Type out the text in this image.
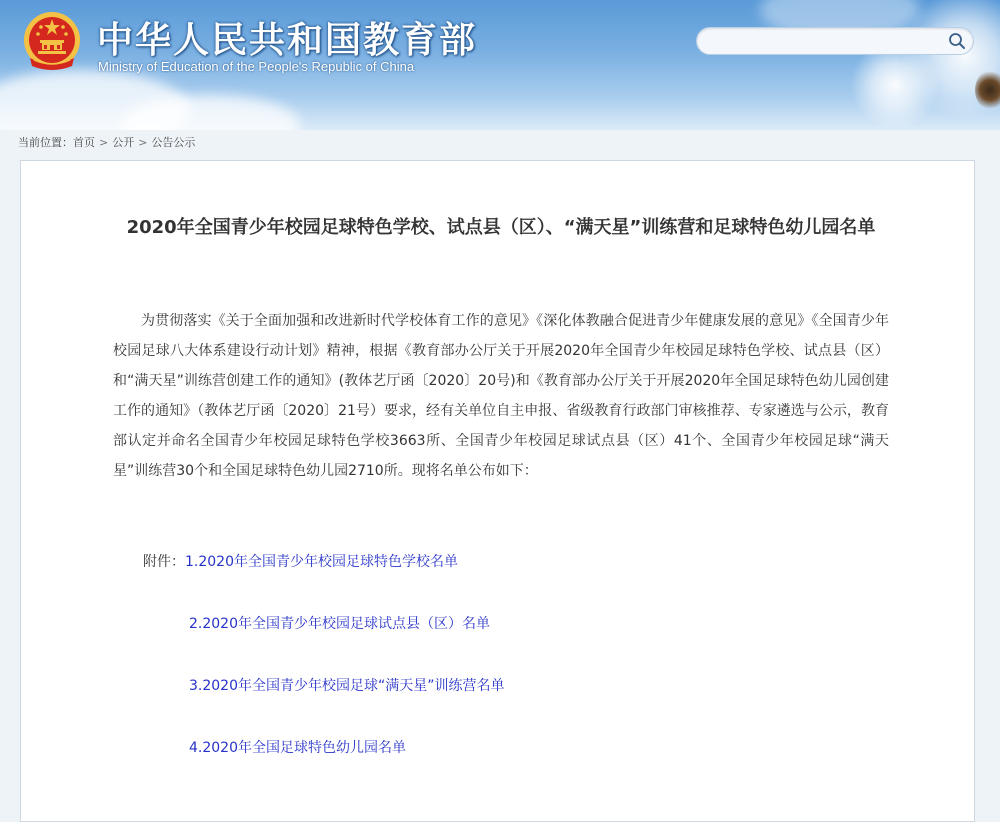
中华人民共和国教育部
Ministry of Education of the People's Republic of China
当前位置：首页 > 公开 > 公告公示
2020年全国青少年校园足球特色学校、试点县（区）、“满天星”训练营和足球特色幼儿园名单

为贯彻落实《关于全面加强和改进新时代学校体育工作的意见》《深化体教融合促进青少年健康发展的意见》《全国青少年校园足球八大体系建设行动计划》精神，根据《教育部办公厅关于开展2020年全国青少年校园足球特色学校、试点县（区）和“满天星”训练营创建工作的通知》(教体艺厅函〔2020〕20号)和《教育部办公厅关于开展2020年全国足球特色幼儿园创建工作的通知》（教体艺厅函〔2020〕21号）要求，经有关单位自主申报、省级教育行政部门审核推荐、专家遴选与公示，教育部认定并命名全国青少年校园足球特色学校3663所、全国青少年校园足球试点县（区）41个、全国青少年校园足球“满天星”训练营30个和全国足球特色幼儿园2710所。现将名单公布如下：

附件：1.2020年全国青少年校园足球特色学校名单
2.2020年全国青少年校园足球试点县（区）名单
3.2020年全国青少年校园足球“满天星”训练营名单
4.2020年全国足球特色幼儿园名单
